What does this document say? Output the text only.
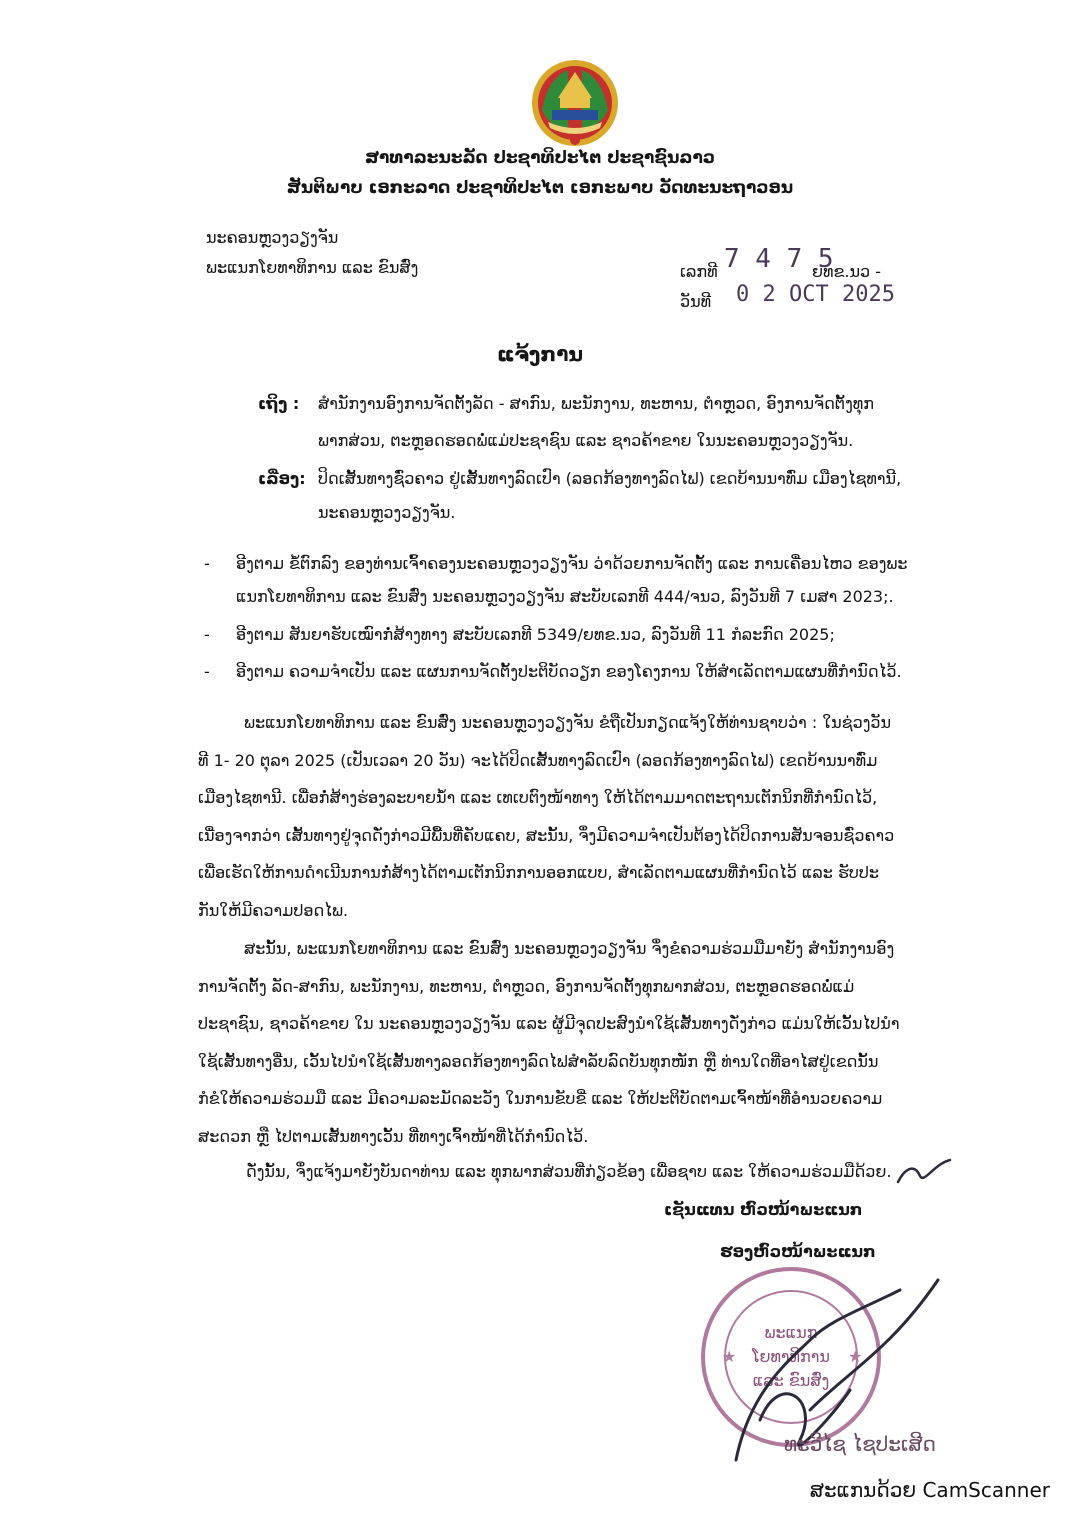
ສາທາລະນະລັດ ປະຊາທິປະໄຕ ປະຊາຊົນລາວ
ສັນຕິພາບ ເອກະລາດ ປະຊາທິປະໄຕ ເອກະພາບ ວັດທະນະຖາວອນ
ນະຄອນຫຼວງວຽງຈັນ
ພະແນກໂຍທາທິການ ແລະ ຂົນສົ່ງ	ເລກທີ 7 4 7 5
ຍທຂ.ນວ -
ວັນທີ 0 2 OCT 2025
ແຈ້ງການ
ເຖິງ : ສຳນັກງານອົງການຈັດຕັ້ງລັດ - ສາກົນ, ພະນັກງານ, ທະຫານ, ຕຳຫຼວດ, ອົງການຈັດຕັ້ງທຸກ
ພາກສ່ວນ, ຕະຫຼອດຮອດພໍ່ແມ່ປະຊາຊົນ ແລະ ຊາວຄ້າຂາຍ ໃນນະຄອນຫຼວງວຽງຈັນ.
ເລື່ອງ: ປິດເສັ້ນທາງຊົ່ວຄາວ ຢູ່ເສັ້ນທາງລົດເປົາ (ລອດກ້ອງທາງລົດໄຟ) ເຂດບ້ານນາທົ່ມ ເມືອງໄຊທານີ,
ນະຄອນຫຼວງວຽງຈັນ.
- ອີງຕາມ ຂໍ້ຕົກລົງ ຂອງທ່ານເຈົ້າຄອງນະຄອນຫຼວງວຽງຈັນ ວ່າດ້ວຍການຈັດຕັ້ງ ແລະ ການເຄື່ອນໄຫວ ຂອງພະ
ແນກໂຍທາທິການ ແລະ ຂົນສົ່ງ ນະຄອນຫຼວງວຽງຈັນ ສະບັບເລກທີ 444/ຈນວ, ລົງວັນທີ 7 ເມສາ 2023;.
- ອີງຕາມ ສັນຍາຮັບເໝົາກໍ່ສ້າງທາງ ສະບັບເລກທີ 5349/ຍທຂ.ນວ, ລົງວັນທີ 11 ກໍລະກົດ 2025;
- ອີງຕາມ ຄວາມຈຳເປັນ ແລະ ແຜນການຈັດຕັ້ງປະຕິບັດວຽກ ຂອງໂຄງການ ໃຫ້ສຳເລັດຕາມແຜນທີ່ກຳນົດໄວ້.
ພະແນກໂຍທາທິການ ແລະ ຂົນສົ່ງ ນະຄອນຫຼວງວຽງຈັນ ຂໍຖືເປັນກຽດແຈ້ງໃຫ້ທ່ານຊາບວ່າ : ໃນຊ່ວງວັນ
ທີ 1- 20 ຕຸລາ 2025 (ເປັນເວລາ 20 ວັນ) ຈະໄດ້ປິດເສັ້ນທາງລົດເປົາ (ລອດກ້ອງທາງລົດໄຟ) ເຂດບ້ານນາທົ່ມ
ເມືອງໄຊທານີ. ເພື່ອກໍ່ສ້າງຮ່ອງລະບາຍນ້ຳ ແລະ ເທເບຕົງໜ້າທາງ ໃຫ້ໄດ້ຕາມມາດຕະຖານເຕັກນິກທີ່ກຳນົດໄວ້,
ເນື່ອງຈາກວ່າ ເສັ້ນທາງຢູ່ຈຸດດັ່ງກ່າວມີພື້ນທີ່ຄັບແຄບ, ສະນັ້ນ, ຈຶ່ງມີຄວາມຈຳເປັນຕ້ອງໄດ້ປິດການສັນຈອນຊົ່ວຄາວ
ເພື່ອເຮັດໃຫ້ການດຳເນີນການກໍ່ສ້າງໄດ້ຕາມເຕັກນິກການອອກແບບ, ສຳເລັດຕາມແຜນທີ່ກຳນົດໄວ້ ແລະ ຮັບປະ
ກັນໃຫ້ມີຄວາມປອດໄພ.
ສະນັ້ນ, ພະແນກໂຍທາທິການ ແລະ ຂົນສົ່ງ ນະຄອນຫຼວງວຽງຈັນ ຈຶ່ງຂໍຄວາມຮ່ວມມືມາຍັງ ສຳນັກງານອົງ
ການຈັດຕັ້ງ ລັດ-ສາກົນ, ພະນັກງານ, ທະຫານ, ຕຳຫຼວດ, ອົງການຈັດຕັ້ງທຸກພາກສ່ວນ, ຕະຫຼອດຮອດພໍ່ແມ່
ປະຊາຊົນ, ຊາວຄ້າຂາຍ ໃນ ນະຄອນຫຼວງວຽງຈັນ ແລະ ຜູ້ມີຈຸດປະສົງນຳໃຊ້ເສັ້ນທາງດັ່ງກ່າວ ແມ່ນໃຫ້ເວັ້ນໄປນຳ
ໃຊ້ເສັ້ນທາງອື່ນ, ເວັ້ນໄປນຳໃຊ້ເສັ້ນທາງລອດກ້ອງທາງລົດໄຟສຳລັບລົດບັນທຸກໜັກ ຫຼື ທ່ານໃດທີ່ອາໄສຢູ່ເຂດນັ້ນ
ກໍຂໍໃຫ້ຄວາມຮ່ວມມື ແລະ ມີຄວາມລະມັດລະວັງ ໃນການຂັບຂີ່ ແລະ ໃຫ້ປະຕິບັດຕາມເຈົ້າໜ້າທີ່ອຳນວຍຄວາມ
ສະດວກ ຫຼື ໄປຕາມເສັ້ນທາງເວັ້ນ ທີ່ທາງເຈົ້າໜ້າທີ່ໄດ້ກຳນົດໄວ້.
ດັ່ງນັ້ນ, ຈຶ່ງແຈ້ງມາຍັງບັນດາທ່ານ ແລະ ທຸກພາກສ່ວນທີ່ກ່ຽວຂ້ອງ ເພື່ອຊາບ ແລະ ໃຫ້ຄວາມຮ່ວມມືດ້ວຍ.
ເຊັນແທນ ຫົວໜ້າພະແນກ
ຮອງຫົວໜ້າພະແນກ
ພະແນກ
ໂຍທາທິການ
ແລະ ຂົນສົ່ງ
★	★
ທະວີໄຊ ໄຊປະເສີດ
ສະແກນດ້ວຍ CamScanner
